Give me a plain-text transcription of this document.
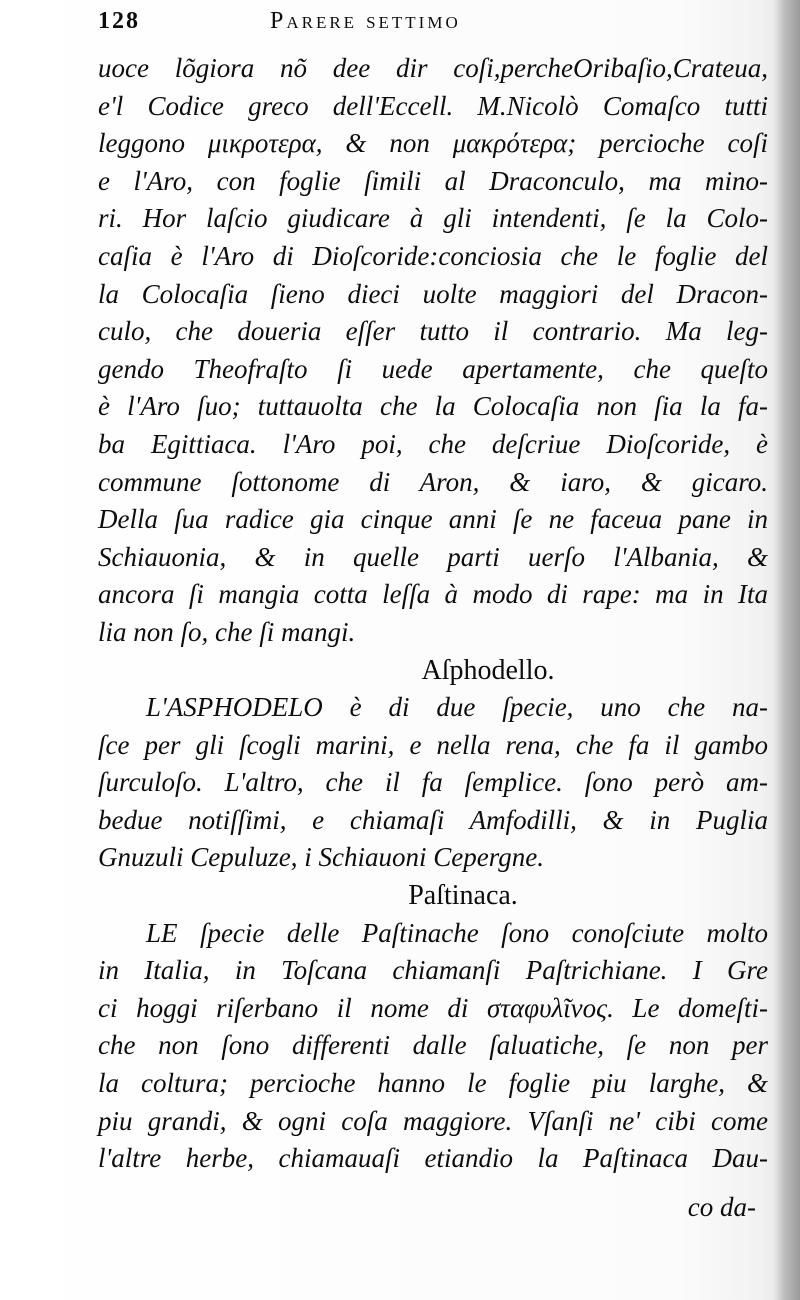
128	Parere settimo
uoce lõgiora nõ dee dir coſi,percheOribaſio,Crateua,
e'l Codice greco dell'Eccell. M.Nicolò Comaſco tutti
leggono μικροτερα, & non μακρότερα; percioche coſi
e l'Aro, con foglie ſimili al Draconculo, ma mino-
ri. Hor laſcio giudicare à gli intendenti, ſe la Colo-
caſia è l'Aro di Dioſcoride:conciosia che le foglie del
la Colocaſia ſieno dieci uolte maggiori del Dracon-
culo, che doueria eſſer tutto il contrario. Ma leg-
gendo Theofraſto ſi uede apertamente, che queſto
è l'Aro ſuo; tuttauolta che la Colocaſia non ſia la fa-
ba Egittiaca. l'Aro poi, che deſcriue Dioſcoride, è
commune ſottonome di Aron, & iaro, & gicaro.
Della ſua radice gia cinque anni ſe ne faceua pane in
Schiauonia, & in quelle parti uerſo l'Albania, &
ancora ſi mangia cotta leſſa à modo di rape: ma in Ita
lia non ſo, che ſi mangi.
Aſphodello.
L'ASPHODELO è di due ſpecie, uno che na-
ſce per gli ſcogli marini, e nella rena, che fa il gambo
ſurculoſo. L'altro, che il fa ſemplice. ſono però am-
bedue notiſſimi, e chiamaſi Amfodilli, & in Puglia
Gnuzuli Cepuluze, i Schiauoni Cepergne.
Paſtinaca.
LE ſpecie delle Paſtinache ſono conoſciute molto
in Italia, in Toſcana chiamanſi Paſtrichiane. I Gre
ci hoggi riſerbano il nome di σταφυλῖνος. Le domeſti-
che non ſono differenti dalle ſaluatiche, ſe non per
la coltura; percioche hanno le foglie piu larghe, &
piu grandi, & ogni coſa maggiore. Vſanſi ne' cibi come
l'altre herbe, chiamauaſi etiandio la Paſtinaca Dau-
co da-
